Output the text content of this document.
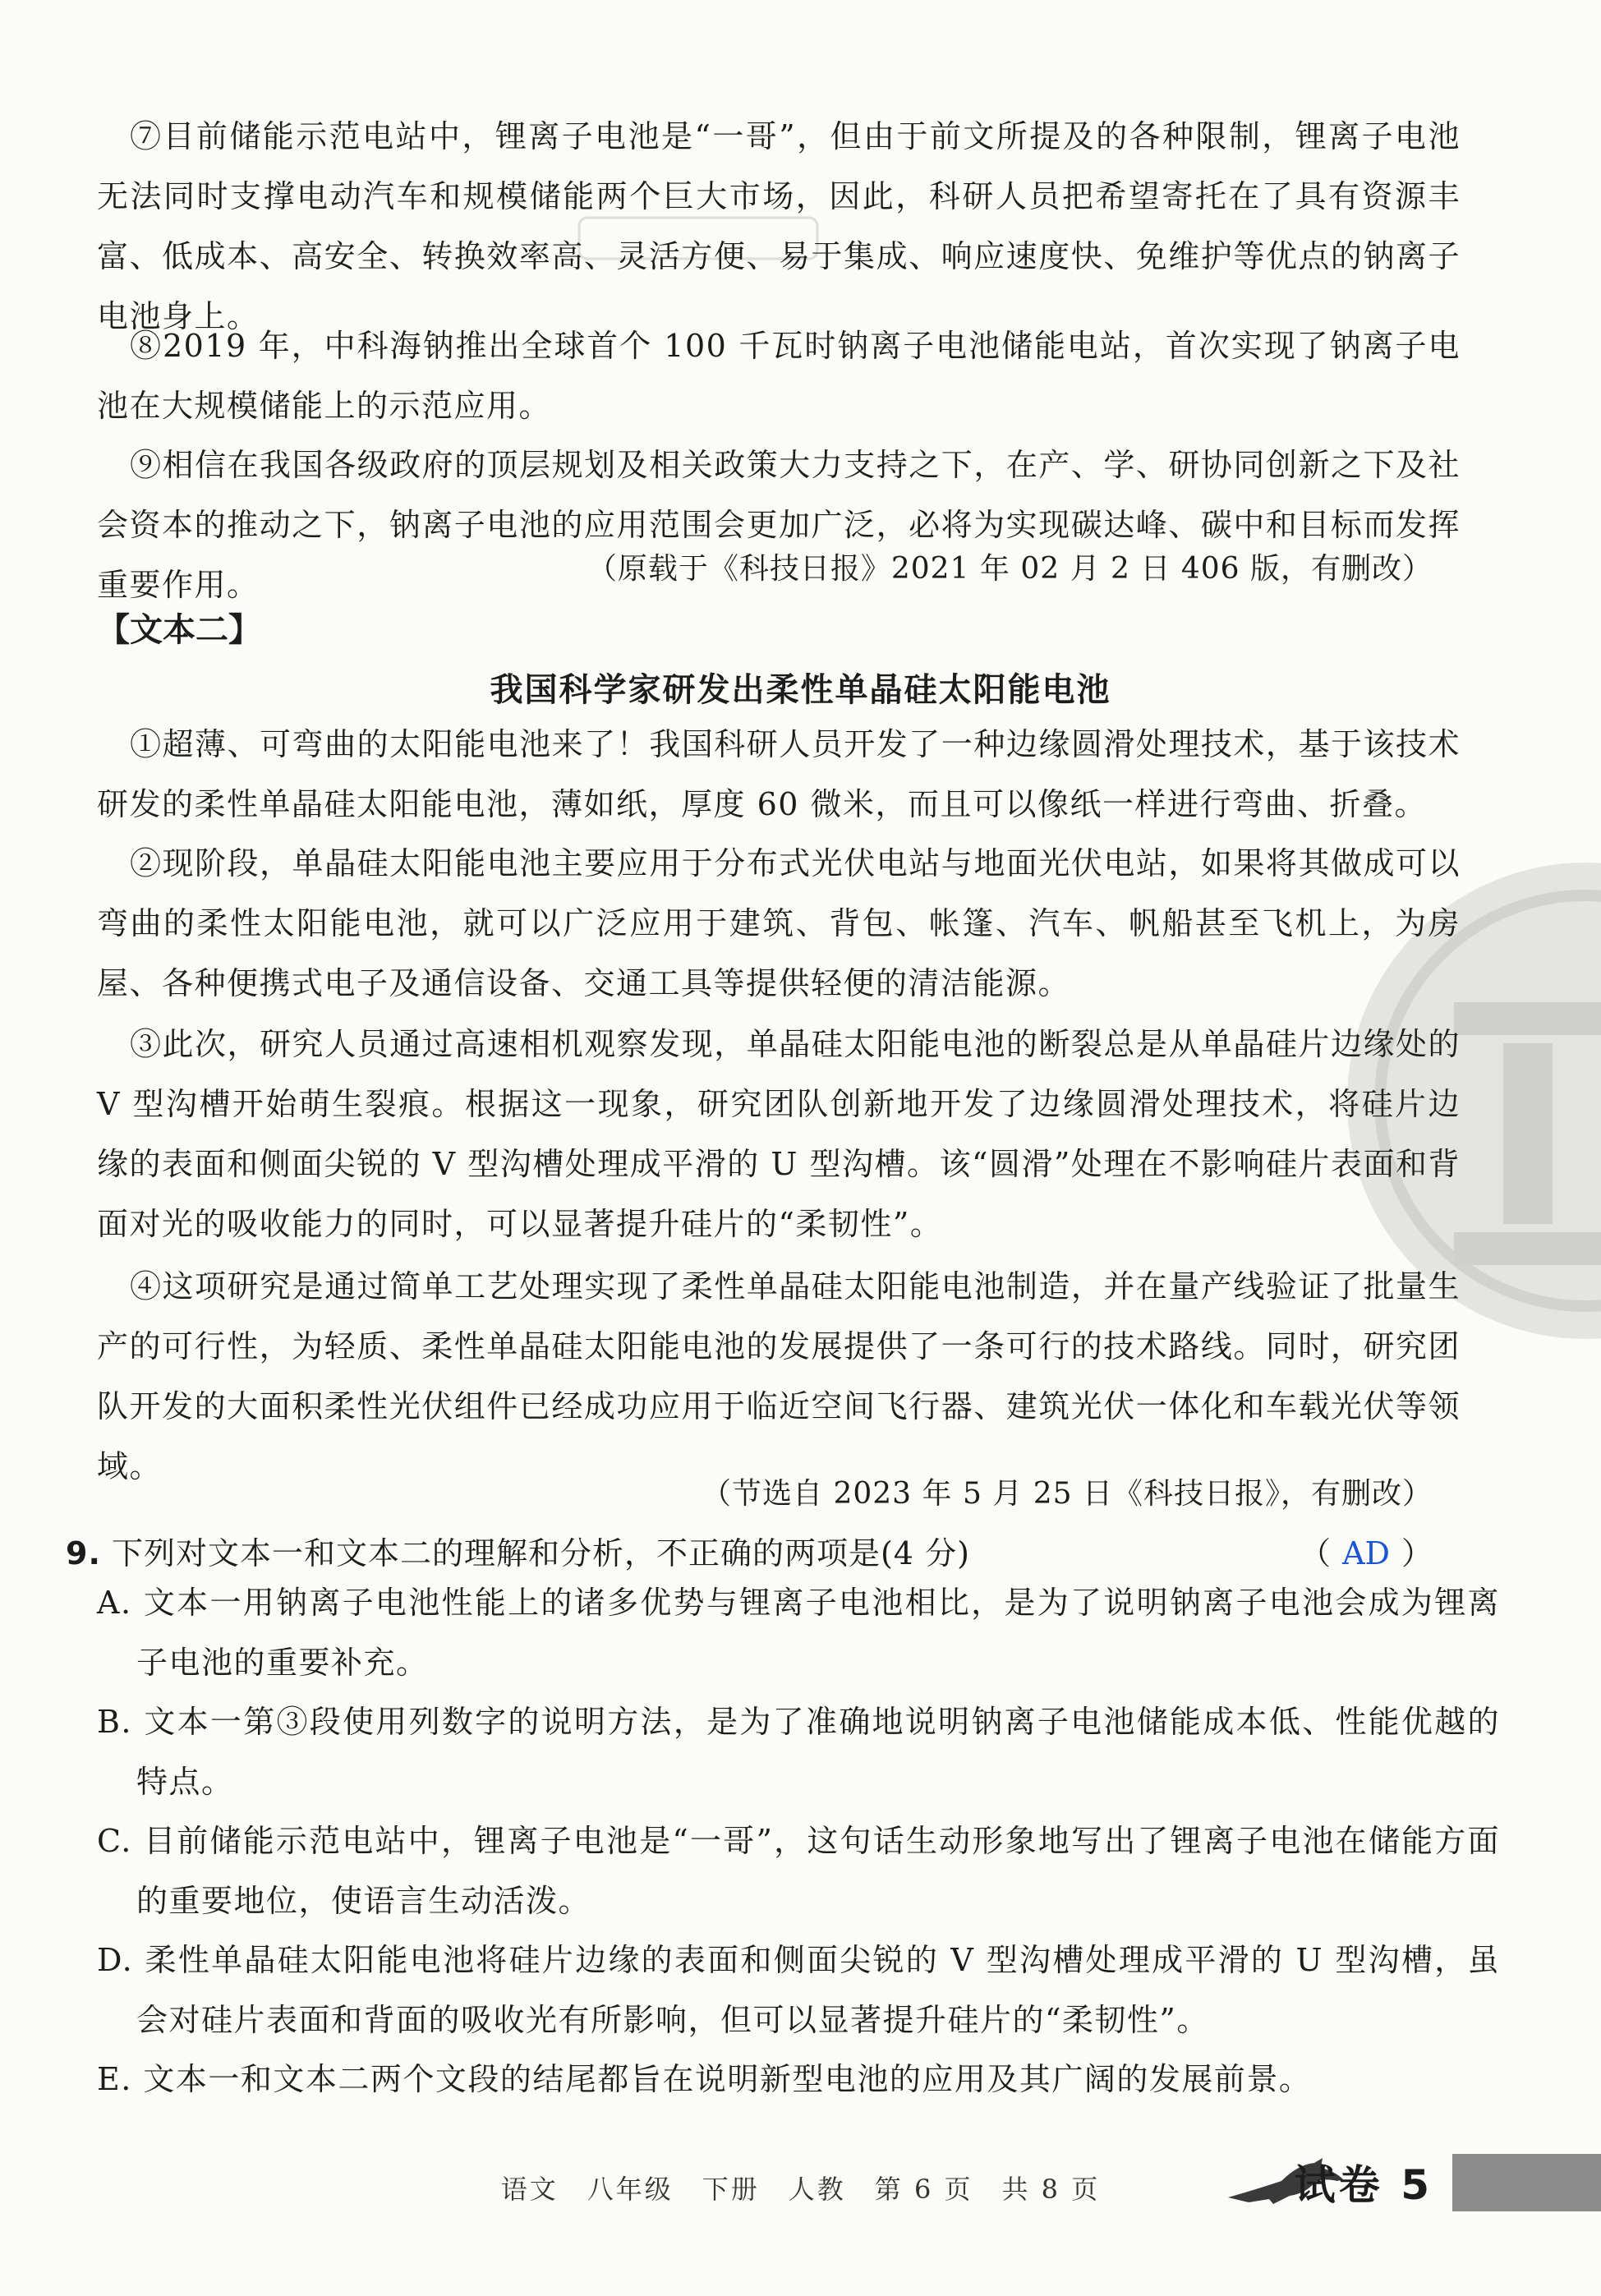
⑦目前储能示范电站中，锂离子电池是“一哥”，但由于前文所提及的各种限制，锂离子电池无法同时支撑电动汽车和规模储能两个巨大市场，因此，科研人员把希望寄托在了具有资源丰富、低成本、高安全、转换效率高、灵活方便、易于集成、响应速度快、免维护等优点的钠离子电池身上。

⑧2019 年，中科海钠推出全球首个 100 千瓦时钠离子电池储能电站，首次实现了钠离子电池在大规模储能上的示范应用。

⑨相信在我国各级政府的顶层规划及相关政策大力支持之下，在产、学、研协同创新之下及社会资本的推动之下，钠离子电池的应用范围会更加广泛，必将为实现碳达峰、碳中和目标而发挥重要作用。	（原载于《科技日报》2021 年 02 月 2 日 406 版，有删改）
【文本二】
我国科学家研发出柔性单晶硅太阳能电池

①超薄、可弯曲的太阳能电池来了！我国科研人员开发了一种边缘圆滑处理技术，基于该技术研发的柔性单晶硅太阳能电池，薄如纸，厚度 60 微米，而且可以像纸一样进行弯曲、折叠。

②现阶段，单晶硅太阳能电池主要应用于分布式光伏电站与地面光伏电站，如果将其做成可以弯曲的柔性太阳能电池，就可以广泛应用于建筑、背包、帐篷、汽车、帆船甚至飞机上，为房屋、各种便携式电子及通信设备、交通工具等提供轻便的清洁能源。

③此次，研究人员通过高速相机观察发现，单晶硅太阳能电池的断裂总是从单晶硅片边缘处的 V 型沟槽开始萌生裂痕。根据这一现象，研究团队创新地开发了边缘圆滑处理技术，将硅片边缘的表面和侧面尖锐的 V 型沟槽处理成平滑的 U 型沟槽。该“圆滑”处理在不影响硅片表面和背面对光的吸收能力的同时，可以显著提升硅片的“柔韧性”。

④这项研究是通过简单工艺处理实现了柔性单晶硅太阳能电池制造，并在量产线验证了批量生产的可行性，为轻质、柔性单晶硅太阳能电池的发展提供了一条可行的技术路线。同时，研究团队开发的大面积柔性光伏组件已经成功应用于临近空间飞行器、建筑光伏一体化和车载光伏等领域。

（节选自 2023 年 5 月 25 日《科技日报》，有删改）
9. 下列对文本一和文本二的理解和分析，不正确的两项是(4 分)	（ AD ）

A. 文本一用钠离子电池性能上的诸多优势与锂离子电池相比，是为了说明钠离子电池会成为锂离子电池的重要补充。

B. 文本一第③段使用列数字的说明方法，是为了准确地说明钠离子电池储能成本低、性能优越的特点。

C. 目前储能示范电站中，锂离子电池是“一哥”，这句话生动形象地写出了锂离子电池在储能方面的重要地位，使语言生动活泼。

D. 柔性单晶硅太阳能电池将硅片边缘的表面和侧面尖锐的 V 型沟槽处理成平滑的 U 型沟槽，虽会对硅片表面和背面的吸收光有所影响，但可以显著提升硅片的“柔韧性”。

E. 文本一和文本二两个文段的结尾都旨在说明新型电池的应用及其广阔的发展前景。

语文　八年级　下册　人教　第 6 页　共 8 页	试卷 5
